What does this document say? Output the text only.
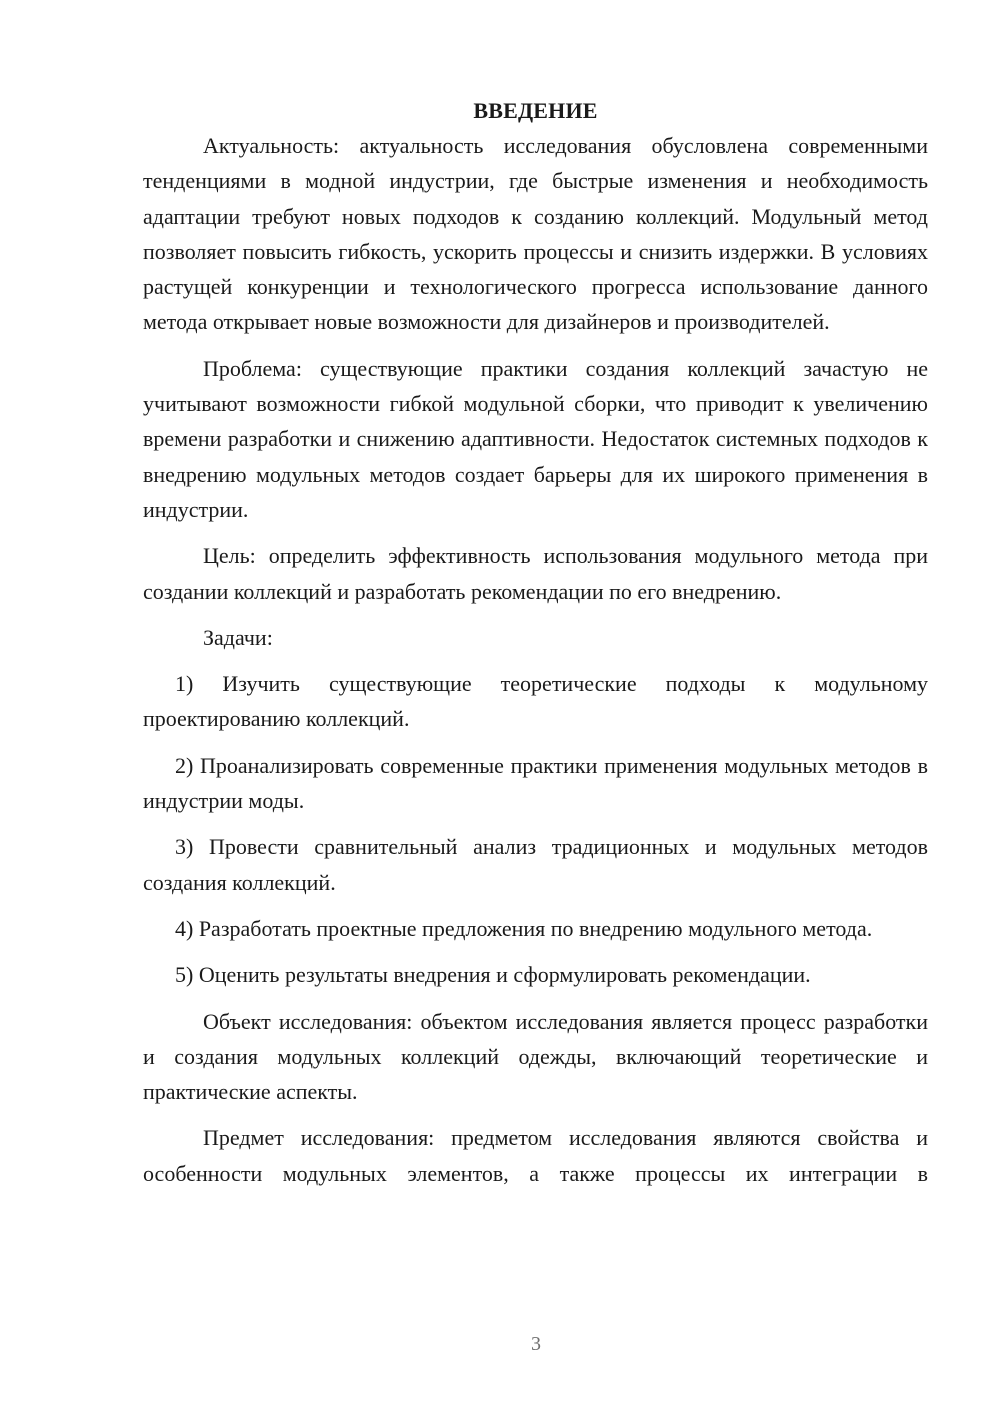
ВВЕДЕНИЕ

Актуальность: актуальность исследования обусловлена современными тенденциями в модной индустрии, где быстрые изменения и необходимость адаптации требуют новых подходов к созданию коллекций. Модульный метод позволяет повысить гибкость, ускорить процессы и снизить издержки. В условиях растущей конкуренции и технологического прогресса использование данного метода открывает новые возможности для дизайнеров и производителей.

Проблема: существующие практики создания коллекций зачастую не учитывают возможности гибкой модульной сборки, что приводит к увеличению времени разработки и снижению адаптивности. Недостаток системных подходов к внедрению модульных методов создает барьеры для их широкого применения в индустрии.

Цель: определить эффективность использования модульного метода при создании коллекций и разработать рекомендации по его внедрению.

Задачи:

1) Изучить существующие теоретические подходы к модульному проектированию коллекций.

2) Проанализировать современные практики применения модульных методов в индустрии моды.

3) Провести сравнительный анализ традиционных и модульных методов создания коллекций.

4) Разработать проектные предложения по внедрению модульного метода.

5) Оценить результаты внедрения и сформулировать рекомендации.

Объект исследования: объектом исследования является процесс разработки и создания модульных коллекций одежды, включающий теоретические и практические аспекты.

Предмет исследования: предметом исследования являются свойства и особенности модульных элементов, а также процессы их интеграции в

3
